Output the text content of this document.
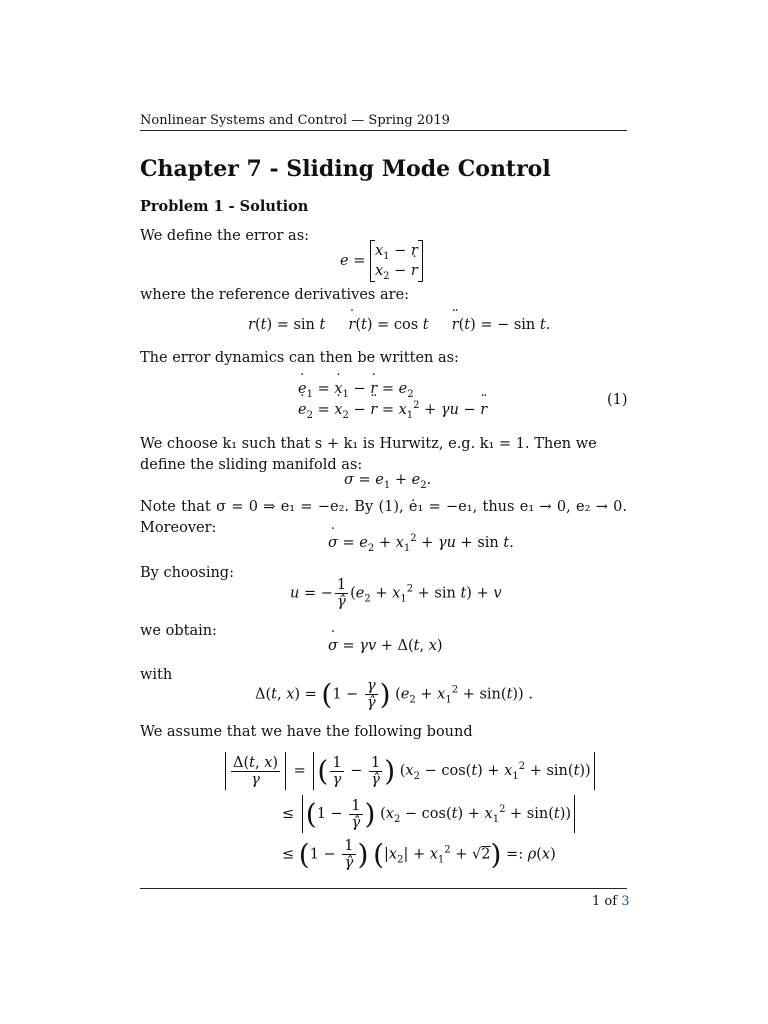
Nonlinear Systems and Control — Spring 2019
Chapter 7 - Sliding Mode Control
Problem 1 - Solution
We define the error as:
e =
$x_1 - r$
$x_2 - r$ ˙
where the reference derivatives are:
r(t) = sin t r ˙(t) = cos t r ¨(t) = − sin t.
The error dynamics can then be written as:
e $˙_1 = x$ $˙_1 - r$ ˙ = $e_2$
e $˙_2 = x$ $˙_2 - r$ ¨ = $x_1^2 + \gamma u - r$ ¨
(1)
We choose k₁ such that s + k₁ is Hurwitz, e.g. k₁ = 1. Then we define the sliding manifold as:
$\sigma = e_1 + e_2$.
Note that σ = 0 ⇒ e₁ = −e₂. By (1), ė₁ = −e₁, thus e₁ → 0, e₂ → 0. Moreover:
σ ˙ = $e_2 + x_1^2 + \gamma u + \sin t$.
By choosing:
u = − $\frac{1}{\gammâ} (e_2 + x_1^2 + \sin t) + v$
we obtain:
σ ˙ = γv + Δ(t, x)
with
Δ(t, $x) = (1 - \frac{\gamma}{\gammâ}$ ) $(e_2 + x_1^2 + \sin(t))$ .
We assume that we have the following bound
$\frac{\Delta(t, x)}{\gamma}$ = ( $\frac{1}{\gamma} - \frac{1}{\gammâ}$ ) $(x_2 - \cos(t) + x_1^2 + \sin(t))$
≤ ($1 - \frac{1}{\gammâ}$ ) $(x_2 - \cos(t) + x_1^2 + \sin(t))$
≤ ($1 - \frac{1}{\gammâ}$ ) $(|x_2| + x_1^2 + √2)$ =: ρ(x)
1 of 3
